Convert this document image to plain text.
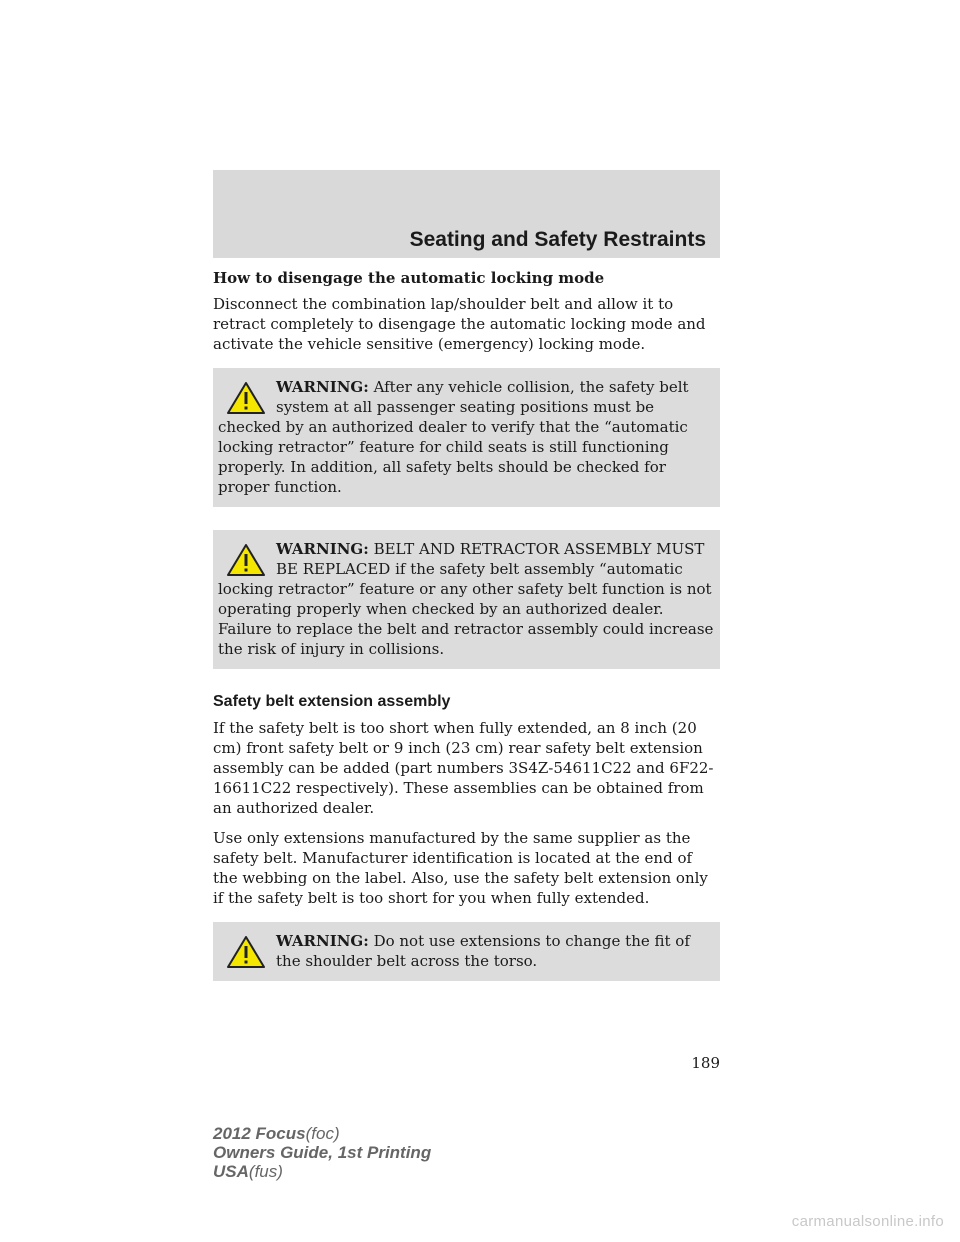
Seating and Safety Restraints
How to disengage the automatic locking mode

Disconnect the combination lap/shoulder belt and allow it to retract completely to disengage the automatic locking mode and activate the vehicle sensitive (emergency) locking mode.

WARNING: After any vehicle collision, the safety belt system at all passenger seating positions must be checked by an authorized dealer to verify that the “automatic locking retractor” feature for child seats is still functioning properly. In addition, all safety belts should be checked for proper function.
WARNING: BELT AND RETRACTOR ASSEMBLY MUST BE REPLACED if the safety belt assembly “automatic locking retractor” feature or any other safety belt function is not operating properly when checked by an authorized dealer. Failure to replace the belt and retractor assembly could increase the risk of injury in collisions.
Safety belt extension assembly

If the safety belt is too short when fully extended, an 8 inch (20 cm) front safety belt or 9 inch (23 cm) rear safety belt extension assembly can be added (part numbers 3S4Z-54611C22 and 6F22-16611C22 respectively). These assemblies can be obtained from an authorized dealer.

Use only extensions manufactured by the same supplier as the safety belt. Manufacturer identification is located at the end of the webbing on the label. Also, use the safety belt extension only if the safety belt is too short for you when fully extended.

WARNING: Do not use extensions to change the fit of the shoulder belt across the torso.
189
2012 Focus(foc)
Owners Guide, 1st Printing
USA(fus)
carmanualsonline.info
